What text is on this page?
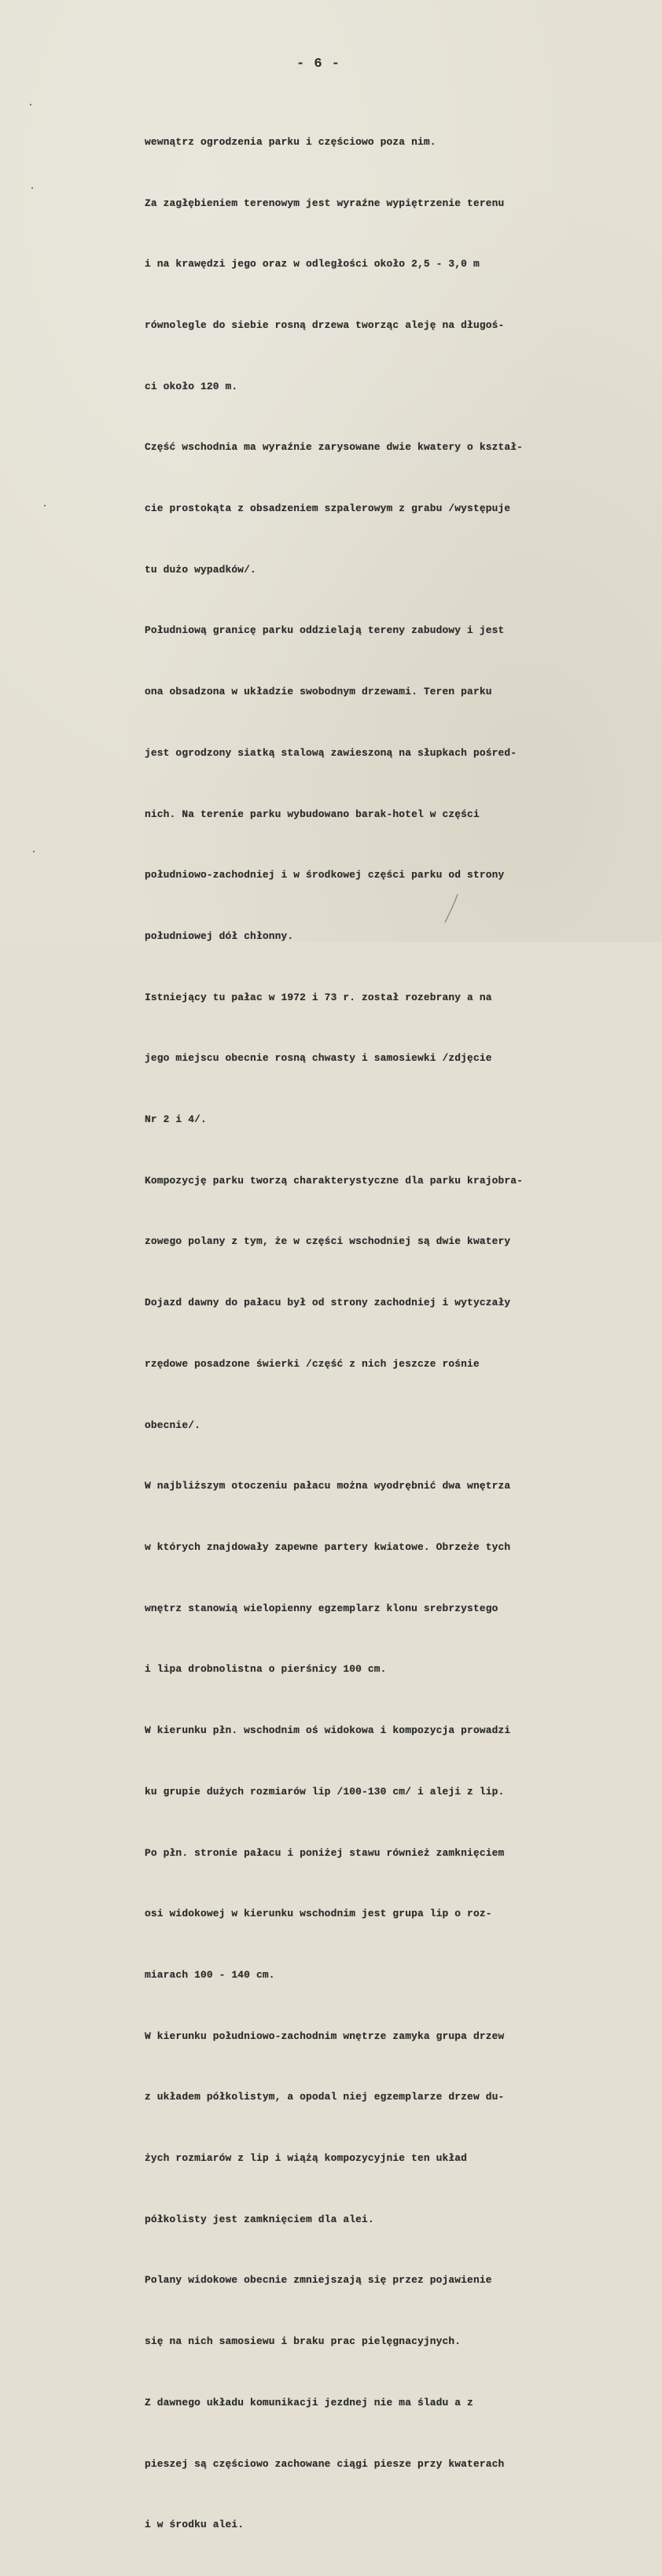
- 6 -

wewnątrz ogrodzenia parku i częściowo poza nim.

Za zagłębieniem terenowym jest wyraźne wypiętrzenie terenu

i na krawędzi jego oraz w odległości około 2,5 - 3,0 m

równolegle do siebie rosną drzewa tworząc aleję na długoś-

ci około 120 m.

Część wschodnia ma wyraźnie zarysowane dwie kwatery o kształ-

cie prostokąta z obsadzeniem szpalerowym z grabu /występuje

tu dużo wypadków/.

Południową granicę parku oddzielają tereny zabudowy i jest

ona obsadzona w układzie swobodnym drzewami. Teren parku

jest ogrodzony siatką stalową zawieszoną na słupkach pośred-

nich. Na terenie parku wybudowano barak-hotel w części

południowo-zachodniej i w środkowej części parku od strony

południowej dół chłonny.

Istniejący tu pałac w 1972 i 73 r. został rozebrany a na

jego miejscu obecnie rosną chwasty i samosiewki /zdjęcie

Nr 2 i 4/.

Kompozycję parku tworzą charakterystyczne dla parku krajobra-

zowego polany z tym, że w części wschodniej są dwie kwatery

Dojazd dawny do pałacu był od strony zachodniej i wytyczały

rzędowe posadzone świerki /część z nich jeszcze rośnie

obecnie/.

W najbliższym otoczeniu pałacu można wyodrębnić dwa wnętrza

w których znajdowały zapewne partery kwiatowe. Obrzeże tych

wnętrz stanowią wielopienny egzemplarz klonu srebrzystego

i lipa drobnolistna o pierśnicy 100 cm.

W kierunku płn. wschodnim oś widokowa i kompozycja prowadzi

ku grupie dużych rozmiarów lip /100-130 cm/ i aleji z lip.

Po płn. stronie pałacu i poniżej stawu również zamknięciem

osi widokowej w kierunku wschodnim jest grupa lip o roz-

miarach 100 - 140 cm.

W kierunku południowo-zachodnim wnętrze zamyka grupa drzew

z układem półkolistym, a opodal niej egzemplarze drzew du-

żych rozmiarów z lip i wiążą kompozycyjnie ten układ

półkolisty jest zamknięciem dla alei.

Polany widokowe obecnie zmniejszają się przez pojawienie

się na nich samosiewu i braku prac pielęgnacyjnych.

Z dawnego układu komunikacji jezdnej nie ma śladu a z

pieszej są częściowo zachowane ciągi piesze przy kwaterach

i w środku alei.
